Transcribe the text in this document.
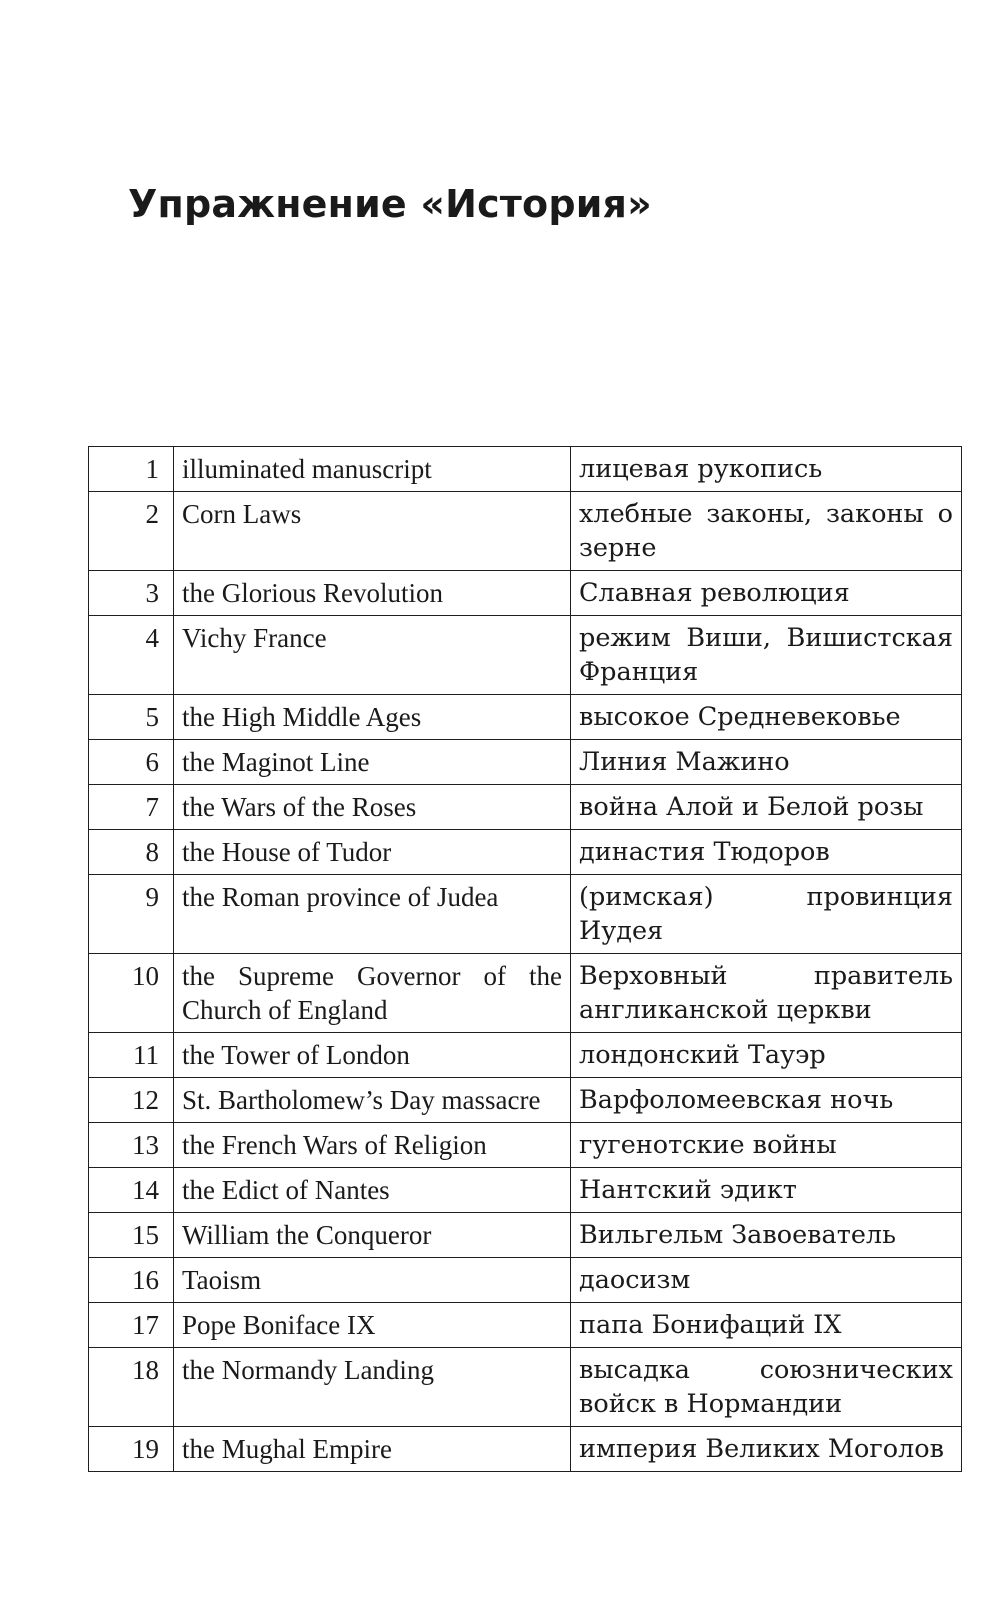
Упражнение «История»
1	illuminated manuscript	лицевая рукопись
2	Corn Laws	хлебные законы, законы о зерне
3	the Glorious Revolution	Славная революция
4	Vichy France	режим Виши, Вишистская Франция
5	the High Middle Ages	высокое Средневековье
6	the Maginot Line	Линия Мажино
7	the Wars of the Roses	война Алой и Белой розы
8	the House of Tudor	династия Тюдоров
9	the Roman province of Judea	(римская) провинция Иудея
10	the Supreme Governor of the Church of England	Верховный правитель англиканской церкви
11	the Tower of London	лондонский Тауэр
12	St. Bartholomew’s Day massacre	Варфоломеевская ночь
13	the French Wars of Religion	гугенотские войны
14	the Edict of Nantes	Нантский эдикт
15	William the Conqueror	Вильгельм Завоеватель
16	Taoism	даосизм
17	Pope Boniface IX	папа Бонифаций IX
18	the Normandy Landing	высадка союзнических войск в Нормандии
19	the Mughal Empire	империя Великих Моголов
